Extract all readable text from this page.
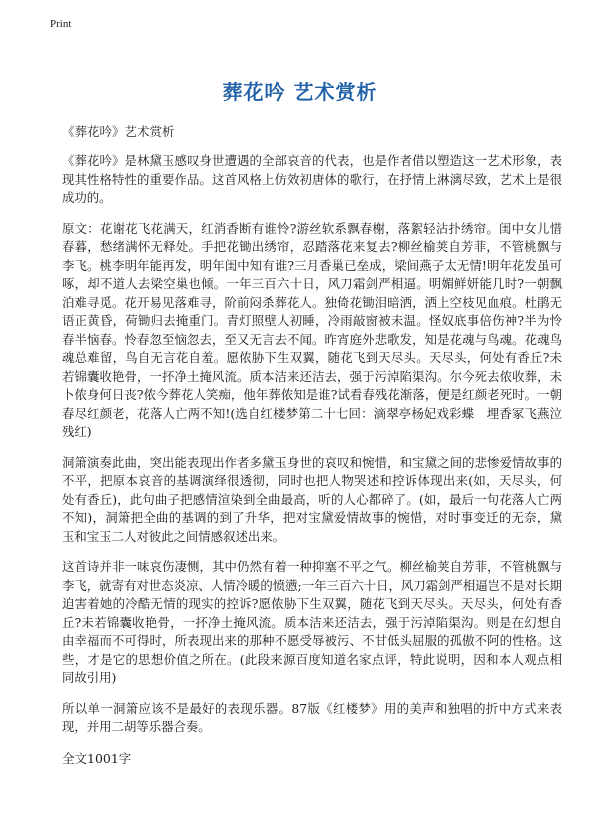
Print
葬花吟 艺术赏析
《葬花吟》艺术赏析

《葬花吟》是林黛玉感叹身世遭遇的全部哀音的代表，也是作者借以塑造这一艺术形象，表现其性格特性的重要作品。这首风格上仿效初唐体的歌行，在抒情上淋漓尽致，艺术上是很成功的。

原文：花谢花飞花满天，红消香断有谁怜?游丝软系飘春榭，落絮轻沾扑绣帘。闺中女儿惜春暮，愁绪满怀无释处。手把花锄出绣帘，忍踏落花来复去?柳丝榆荚自芳菲，不管桃飘与李飞。桃李明年能再发，明年闺中知有谁?三月香巢已垒成，梁间燕子太无情!明年花发虽可啄，却不道人去梁空巢也倾。一年三百六十日，风刀霜剑严相逼。明媚鲜妍能几时?一朝飘泊难寻觅。花开易见落难寻，阶前闷杀葬花人。独倚花锄泪暗洒，洒上空枝见血痕。杜鹃无语正黄昏，荷锄归去掩重门。青灯照壁人初睡，冷雨敲窗被未温。怪奴底事倍伤神?半为怜春半恼春。怜春忽至恼忽去，至又无言去不闻。昨宵庭外悲歌发，知是花魂与鸟魂。花魂鸟魂总难留，鸟自无言花自羞。愿侬胁下生双翼，随花飞到天尽头。天尽头，何处有香丘?未若锦囊收艳骨，一抔净土掩风流。质本洁来还洁去，强于污淖陷渠沟。尔今死去侬收葬，未卜侬身何日丧?侬今葬花人笑痴，他年葬侬知是谁?试看春残花渐落，便是红颜老死时。一朝春尽红颜老，花落人亡两不知!(选自红楼梦第二十七回：滴翠亭杨妃戏彩蝶　埋香冢飞燕泣残红)

洞箫演奏此曲，突出能表现出作者多黛玉身世的哀叹和惋惜，和宝黛之间的悲惨爱情故事的不平，把原本哀音的基调演绎很透彻，同时也把人物哭述和控诉体现出来(如，天尽头，何处有香丘)，此句曲子把感情渲染到全曲最高，听的人心都碎了。(如，最后一句花落人亡两不知)，洞箫把全曲的基调的到了升华，把对宝黛爱情故事的惋惜，对时事变迁的无奈，黛玉和宝玉二人对彼此之间情感叙述出来。

这首诗并非一味哀伤凄恻，其中仍然有着一种抑塞不平之气。柳丝榆荚自芳菲，不管桃飘与李飞，就寄有对世态炎凉、人情冷暖的愤懑;一年三百六十日，风刀霜剑严相逼岂不是对长期迫害着她的冷酷无情的现实的控诉?愿侬胁下生双翼，随花飞到天尽头。天尽头，何处有香丘?未若锦囊收艳骨，一抔净土掩风流。质本洁来还洁去，强于污淖陷渠沟。则是在幻想自由幸福而不可得时，所表现出来的那种不愿受辱被污、不甘低头屈服的孤傲不阿的性格。这些，才是它的思想价值之所在。(此段来源百度知道名家点评，特此说明，因和本人观点相同故引用)

所以单一洞箫应该不是最好的表现乐器。87版《红楼梦》用的美声和独唱的折中方式来表现，并用二胡等乐器合奏。

全文1001字
